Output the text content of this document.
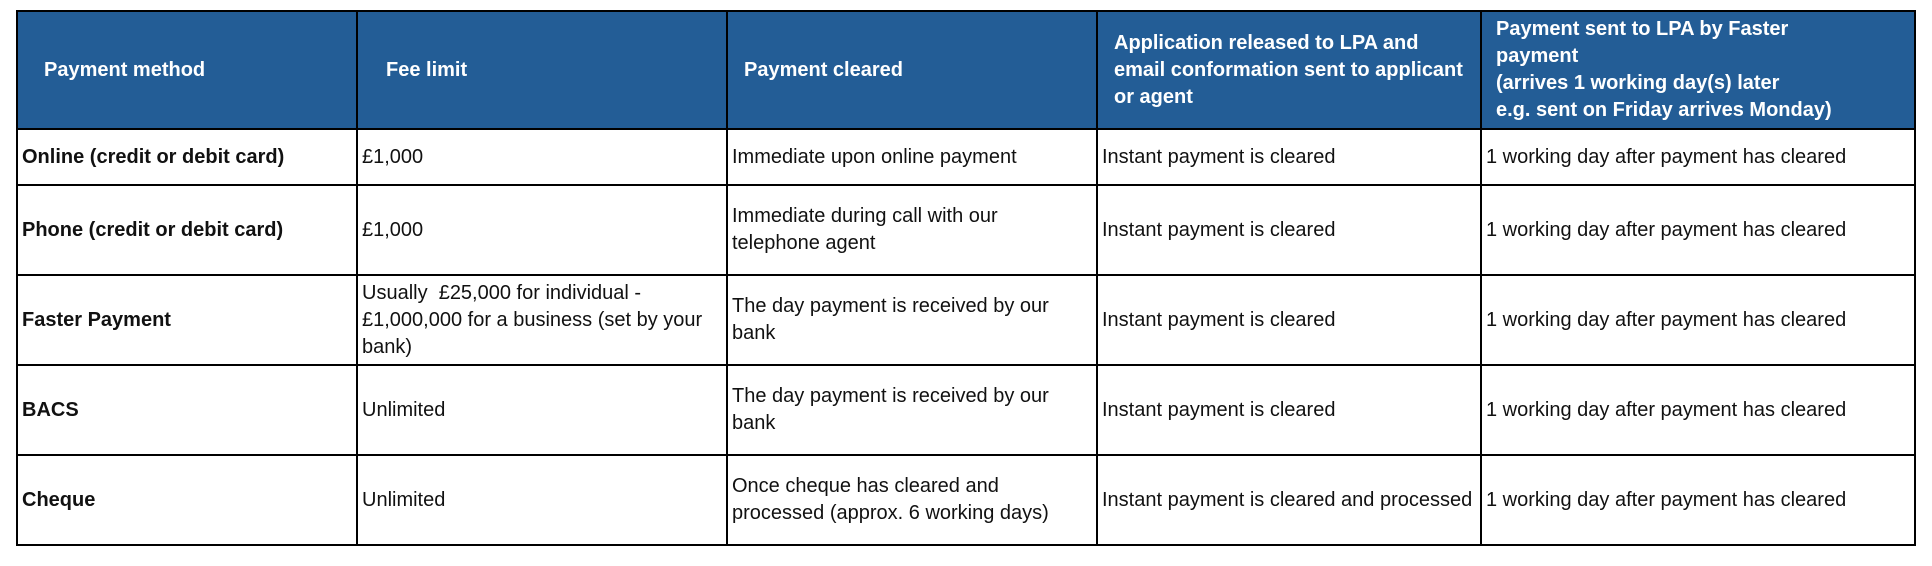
Payment method	Fee limit	Payment cleared	Application released to LPA and email conformation sent to applicant or agent	Payment sent to LPA by Faster
payment
(arrives 1 working day(s) later
e.g. sent on Friday arrives Monday)

Online (credit or debit card)	£1,000	Immediate upon online payment	Instant payment is cleared	1 working day after payment has cleared
Phone (credit or debit card)	£1,000	Immediate during call with our telephone agent	Instant payment is cleared	1 working day after payment has cleared
Faster Payment	Usually  £25,000 for individual - £1,000,000 for a business (set by your bank)	The day payment is received by our bank	Instant payment is cleared	1 working day after payment has cleared
BACS	Unlimited	The day payment is received by our bank	Instant payment is cleared	1 working day after payment has cleared
Cheque	Unlimited	Once cheque has cleared and processed (approx. 6 working days)	Instant payment is cleared and processed	1 working day after payment has cleared
